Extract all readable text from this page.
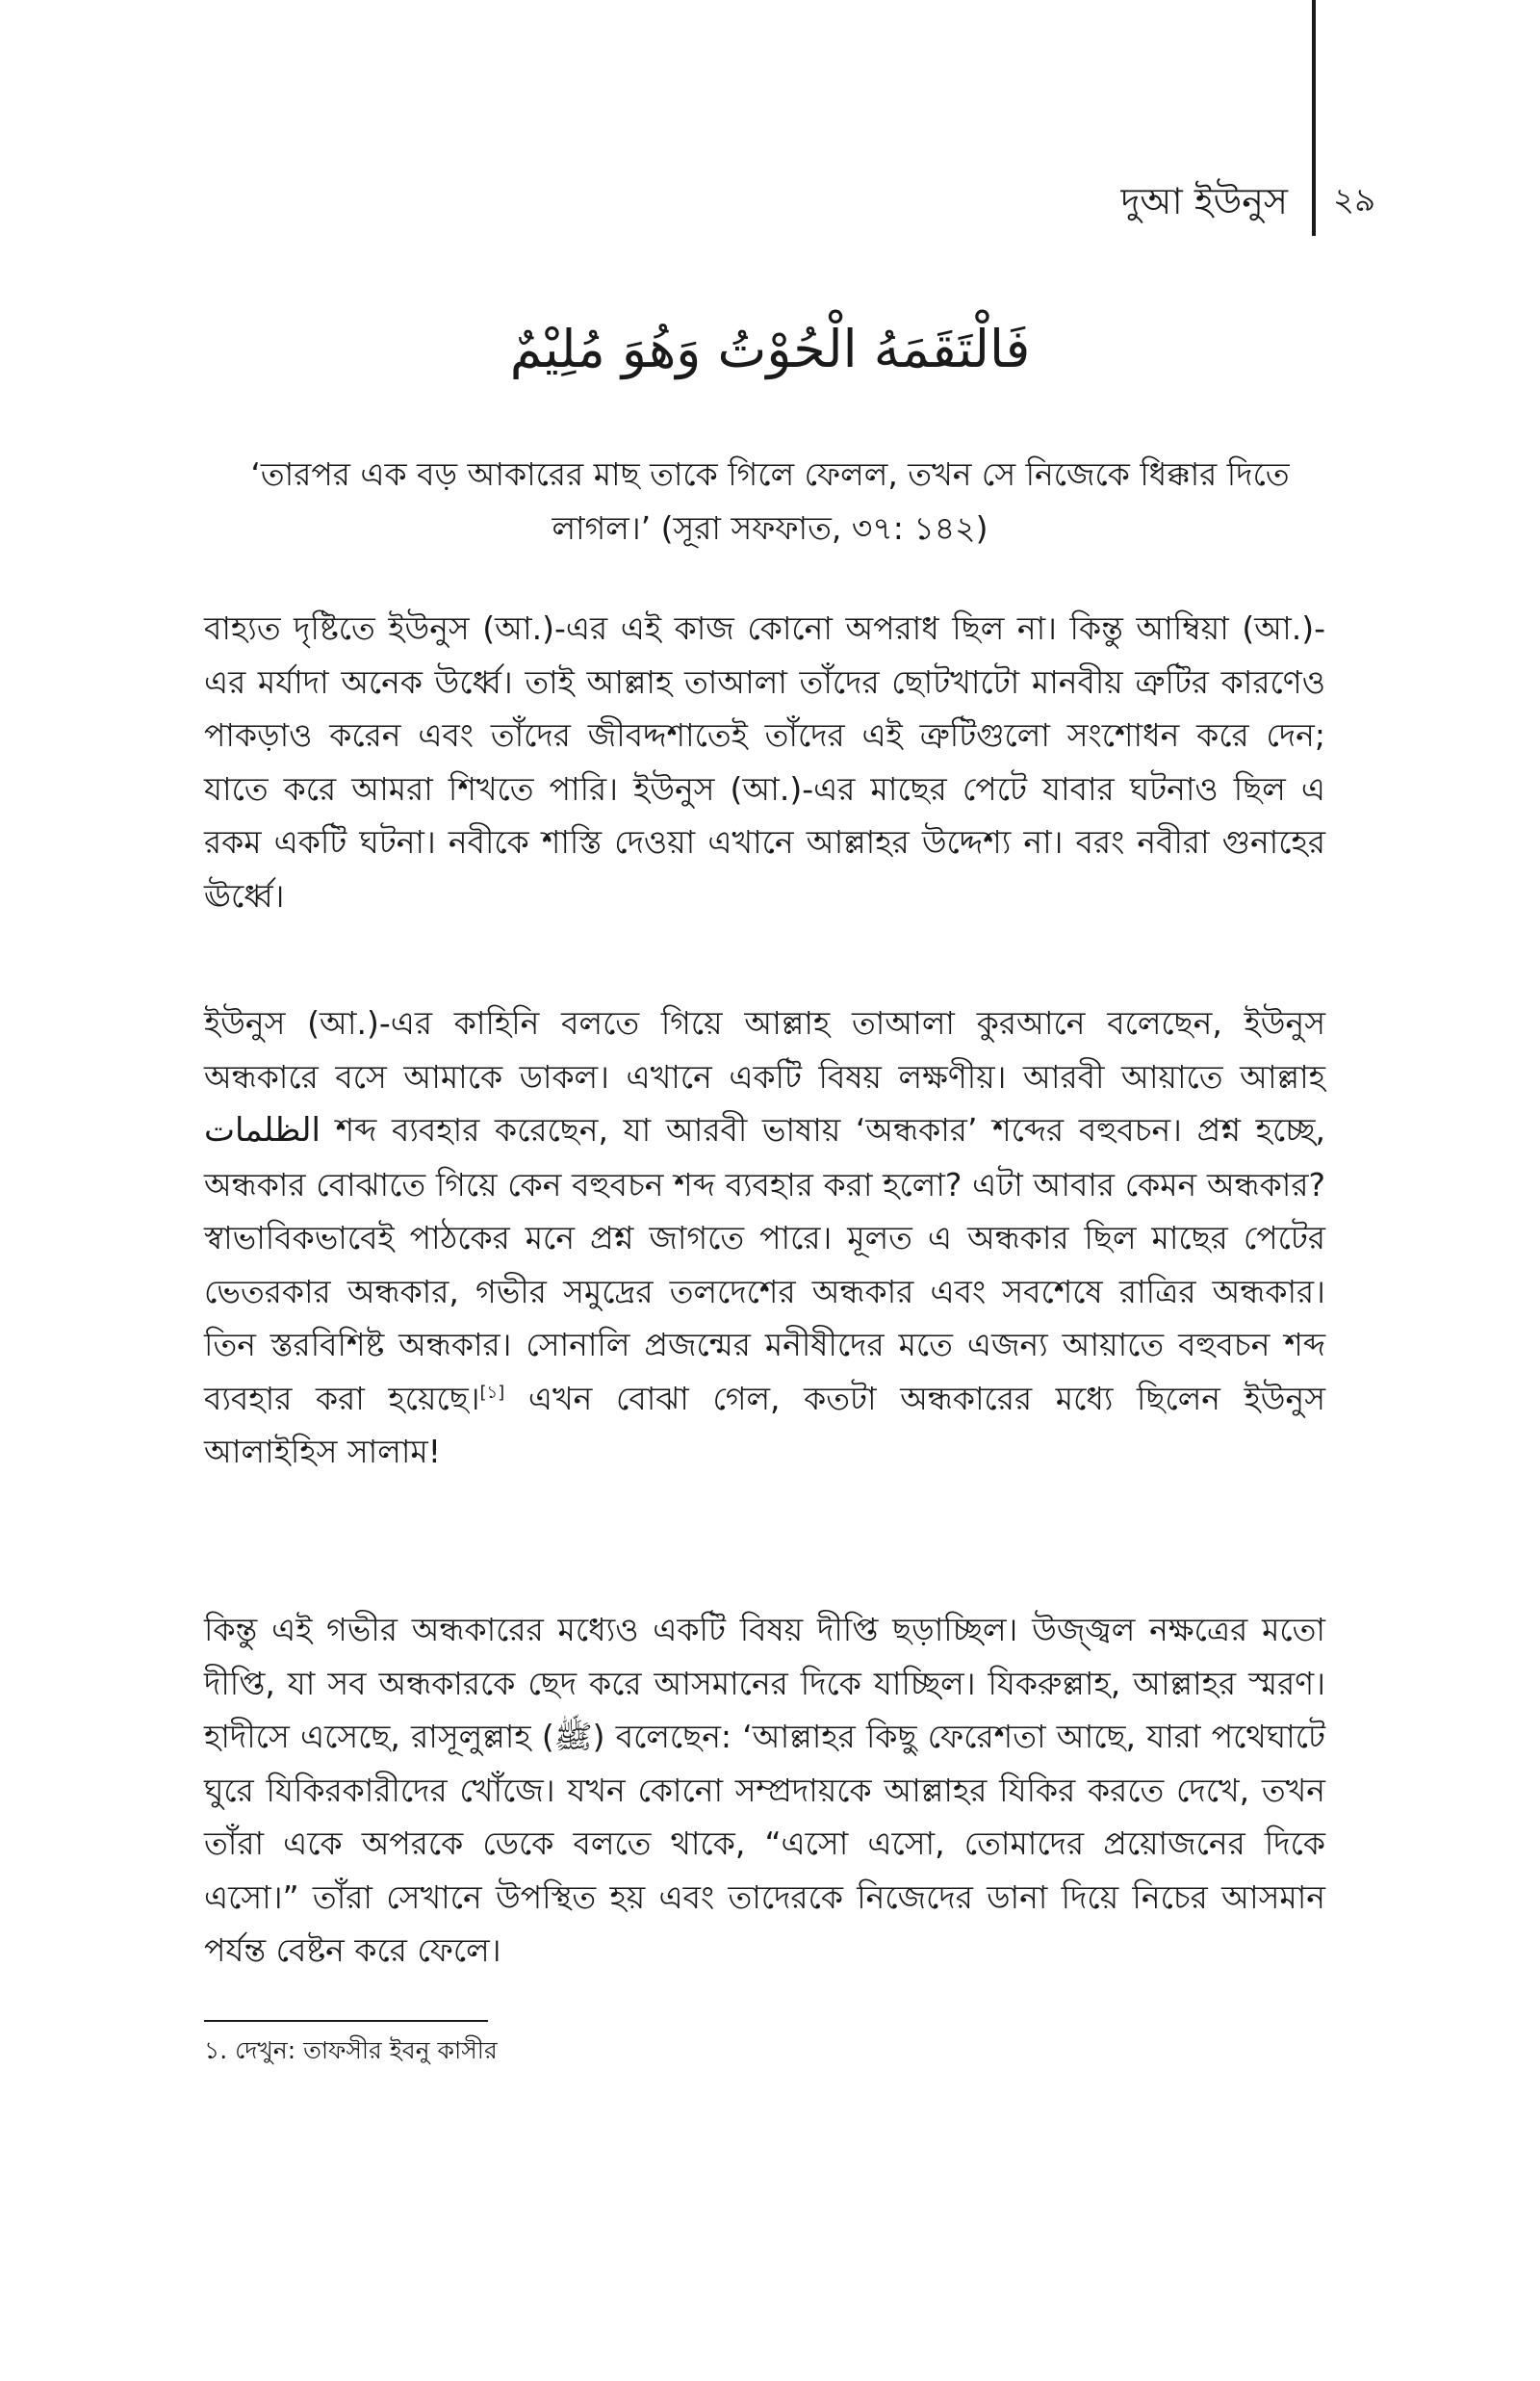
দুআ ইউনুস ২৯
فَالْتَقَمَهُ الْحُوْتُ وَهُوَ مُلِيْمٌ
‘তারপর এক বড় আকারের মাছ তাকে গিলে ফেলল, তখন সে নিজেকে ধিক্কার দিতে
লাগল।’ (সূরা সফফাত, ৩৭: ১৪২)

বাহ্যত দৃষ্টিতে ইউনুস (আ.)-এর এই কাজ কোনো অপরাধ ছিল না। কিন্তু আম্বিয়া (আ.)-এর মর্যাদা অনেক উর্ধ্বে। তাই আল্লাহ তাআলা তাঁদের ছোটখাটো মানবীয় ত্রুটির কারণেও পাকড়াও করেন এবং তাঁদের জীবদ্দশাতেই তাঁদের এই ত্রুটিগুলো সংশোধন করে দেন; যাতে করে আমরা শিখতে পারি। ইউনুস (আ.)-এর মাছের পেটে যাবার ঘটনাও ছিল এ রকম একটি ঘটনা। নবীকে শাস্তি দেওয়া এখানে আল্লাহর উদ্দেশ্য না। বরং নবীরা গুনাহের ঊর্ধ্বে।

ইউনুস (আ.)-এর কাহিনি বলতে গিয়ে আল্লাহ তাআলা কুরআনে বলেছেন, ইউনুস অন্ধকারে বসে আমাকে ডাকল। এখানে একটি বিষয় লক্ষণীয়। আরবী আয়াতে আল্লাহ الظلمات শব্দ ব্যবহার করেছেন, যা আরবী ভাষায় ‘অন্ধকার’ শব্দের বহুবচন। প্রশ্ন হচ্ছে, অন্ধকার বোঝাতে গিয়ে কেন বহুবচন শব্দ ব্যবহার করা হলো? এটা আবার কেমন অন্ধকার? স্বাভাবিকভাবেই পাঠকের মনে প্রশ্ন জাগতে পারে। মূলত এ অন্ধকার ছিল মাছের পেটের ভেতরকার অন্ধকার, গভীর সমুদ্রের তলদেশের অন্ধকার এবং সবশেষে রাত্রির অন্ধকার। তিন স্তরবিশিষ্ট অন্ধকার। সোনালি প্রজন্মের মনীষীদের মতে এজন্য আয়াতে বহুবচন শব্দ ব্যবহার করা হয়েছে।[১] এখন বোঝা গেল, কতটা অন্ধকারের মধ্যে ছিলেন ইউনুস আলাইহিস সালাম!

কিন্তু এই গভীর অন্ধকারের মধ্যেও একটি বিষয় দীপ্তি ছড়াচ্ছিল। উজ্জ্বল নক্ষত্রের মতো দীপ্তি, যা সব অন্ধকারকে ছেদ করে আসমানের দিকে যাচ্ছিল। যিকরুল্লাহ, আল্লাহর স্মরণ। হাদীসে এসেছে, রাসূলুল্লাহ (ﷺ) বলেছেন: ‘আল্লাহর কিছু ফেরেশতা আছে, যারা পথেঘাটে ঘুরে যিকিরকারীদের খোঁজে। যখন কোনো সম্প্রদায়কে আল্লাহর যিকির করতে দেখে, তখন তাঁরা একে অপরকে ডেকে বলতে থাকে, “এসো এসো, তোমাদের প্রয়োজনের দিকে এসো।” তাঁরা সেখানে উপস্থিত হয় এবং তাদেরকে নিজেদের ডানা দিয়ে নিচের আসমান পর্যন্ত বেষ্টন করে ফেলে।

১. দেখুন: তাফসীর ইবনু কাসীর
